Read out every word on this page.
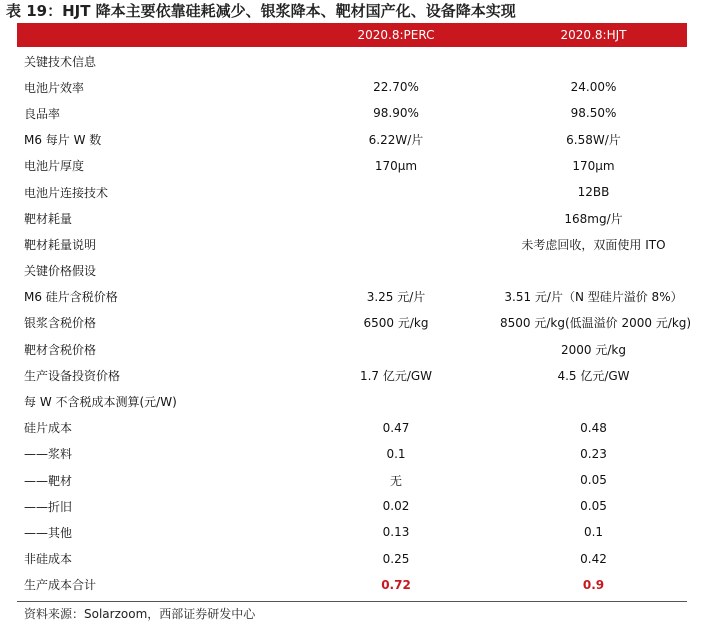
表 19：HJT 降本主要依靠硅耗减少、银浆降本、靶材国产化、设备降本实现
2020.8:PERC	2020.8:HJT
关键技术信息		
电池片效率	22.70%	24.00%
良品率	98.90%	98.50%
M6 每片 W 数	6.22W/片	6.58W/片
电池片厚度	170μm	170μm
电池片连接技术		12BB
靶材耗量		168mg/片
靶材耗量说明		未考虑回收，双面使用 ITO
关键价格假设		
M6 硅片含税价格	3.25 元/片	3.51 元/片（N 型硅片溢价 8%）
银浆含税价格	6500 元/kg	8500 元/kg(低温溢价 2000 元/kg)
靶材含税价格		2000 元/kg
生产设备投资价格	1.7 亿元/GW	4.5 亿元/GW
每 W 不含税成本测算(元/W)		
硅片成本	0.47	0.48
——浆料	0.1	0.23
——靶材	无	0.05
——折旧	0.02	0.05
——其他	0.13	0.1
非硅成本	0.25	0.42
生产成本合计	0.72	0.9
资料来源：Solarzoom，西部证券研发中心
